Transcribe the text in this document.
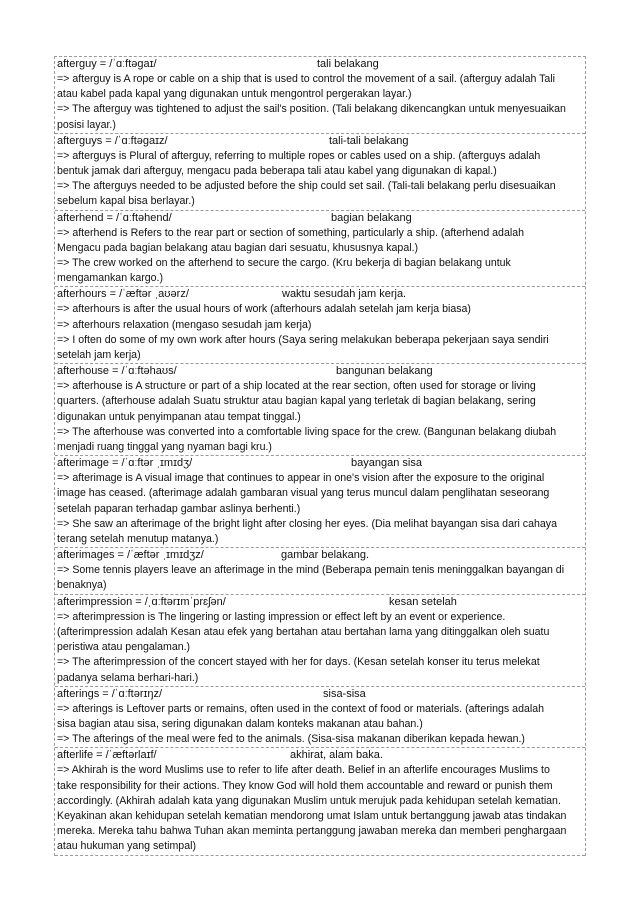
afterguy = /ˈɑːftəgaɪ/	tali belakang
=> afterguy is A rope or cable on a ship that is used to control the movement of a sail. (afterguy adalah Tali
atau kabel pada kapal yang digunakan untuk mengontrol pergerakan layar.)
=> The afterguy was tightened to adjust the sail's position. (Tali belakang dikencangkan untuk menyesuaikan
posisi layar.)
afterguys = /ˈɑːftəgaɪz/	tali-tali belakang
=> afterguys is Plural of afterguy, referring to multiple ropes or cables used on a ship. (afterguys adalah
bentuk jamak dari afterguy, mengacu pada beberapa tali atau kabel yang digunakan di kapal.)
=> The afterguys needed to be adjusted before the ship could set sail. (Tali-tali belakang perlu disesuaikan
sebelum kapal bisa berlayar.)
afterhend = /ˈɑːftəhend/	bagian belakang
=> afterhend is Refers to the rear part or section of something, particularly a ship. (afterhend adalah
Mengacu pada bagian belakang atau bagian dari sesuatu, khususnya kapal.)
=> The crew worked on the afterhend to secure the cargo. (Kru bekerja di bagian belakang untuk
mengamankan kargo.)
afterhours = /ˈæftər ˌaʊərz/	waktu sesudah jam kerja.
=> afterhours is after the usual hours of work (afterhours adalah setelah jam kerja biasa)
=> afterhours relaxation (mengaso sesudah jam kerja)
=> I often do some of my own work after hours (Saya sering melakukan beberapa pekerjaan saya sendiri
setelah jam kerja)
afterhouse = /ˈɑːftəhaʊs/	bangunan belakang
=> afterhouse is A structure or part of a ship located at the rear section, often used for storage or living
quarters. (afterhouse adalah Suatu struktur atau bagian kapal yang terletak di bagian belakang, sering
digunakan untuk penyimpanan atau tempat tinggal.)
=> The afterhouse was converted into a comfortable living space for the crew. (Bangunan belakang diubah
menjadi ruang tinggal yang nyaman bagi kru.)
afterimage = /ˈɑːftər ˌɪmɪdʒ/	bayangan sisa
=> afterimage is A visual image that continues to appear in one's vision after the exposure to the original
image has ceased. (afterimage adalah gambaran visual yang terus muncul dalam penglihatan seseorang
setelah paparan terhadap gambar aslinya berhenti.)
=> She saw an afterimage of the bright light after closing her eyes. (Dia melihat bayangan sisa dari cahaya
terang setelah menutup matanya.)
afterimages = /ˈæftər ˌɪmɪdʒz/	gambar belakang.
=> Some tennis players leave an afterimage in the mind (Beberapa pemain tenis meninggalkan bayangan di
benaknya)
afterimpression = /ˌɑːftərɪmˈprɛʃən/	kesan setelah
=> afterimpression is The lingering or lasting impression or effect left by an event or experience.
(afterimpression adalah Kesan atau efek yang bertahan atau bertahan lama yang ditinggalkan oleh suatu
peristiwa atau pengalaman.)
=> The afterimpression of the concert stayed with her for days. (Kesan setelah konser itu terus melekat
padanya selama berhari-hari.)
afterings = /ˈɑːftərɪŋz/	sisa-sisa
=> afterings is Leftover parts or remains, often used in the context of food or materials. (afterings adalah
sisa bagian atau sisa, sering digunakan dalam konteks makanan atau bahan.)
=> The afterings of the meal were fed to the animals. (Sisa-sisa makanan diberikan kepada hewan.)
afterlife = /ˈæftərlaɪf/	akhirat, alam baka.
=> Akhirah is the word Muslims use to refer to life after death. Belief in an afterlife encourages Muslims to
take responsibility for their actions. They know God will hold them accountable and reward or punish them
accordingly. (Akhirah adalah kata yang digunakan Muslim untuk merujuk pada kehidupan setelah kematian.
Keyakinan akan kehidupan setelah kematian mendorong umat Islam untuk bertanggung jawab atas tindakan
mereka. Mereka tahu bahwa Tuhan akan meminta pertanggung jawaban mereka dan memberi penghargaan
atau hukuman yang setimpal)
